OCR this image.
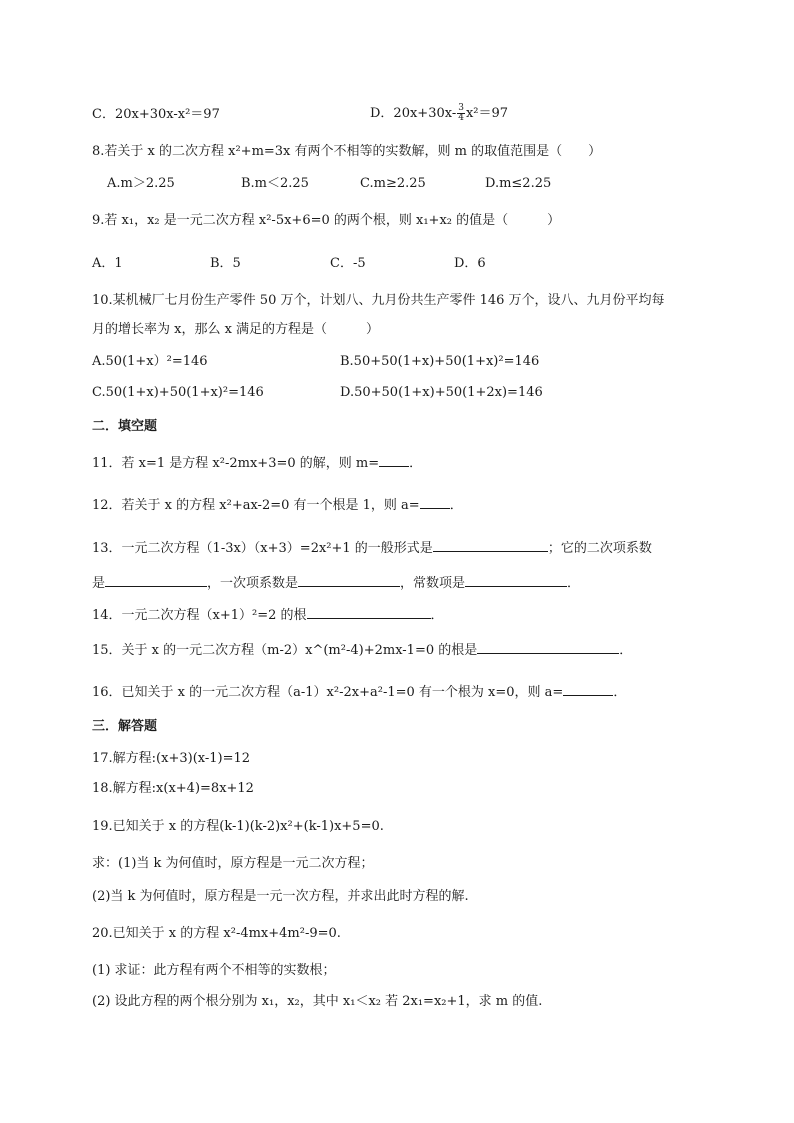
C．20x+30x-x²＝97	D．$20x+30x- \frac{3}{4} x^2=97$
8.若关于 x 的二次方程 x²+m=3x 有两个不相等的实数解，则 m 的取值范围是（　　）
A.m＞2.25	B.m＜2.25	C.m≥2.25	D.m≤2.25
9.若 x₁，x₂ 是一元二次方程 x²-5x+6=0 的两个根，则 x₁+x₂ 的值是（　　　）
A．1	B．5	C．-5	D．6
10.某机械厂七月份生产零件 50 万个，计划八、九月份共生产零件 146 万个，设八、九月份平均每
月的增长率为 x，那么 x 满足的方程是（　　　）
A.50(1+x）²=146	B.50+50(1+x)+50(1+x)²=146
C.50(1+x)+50(1+x)²=146	D.50+50(1+x)+50(1+2x)=146
二．填空题
11．若 x=1 是方程 x²-2mx+3=0 的解，则 m= ．
12．若关于 x 的方程 x²+ax-2=0 有一个根是 1，则 a= ．
13．一元二次方程（1-3x）（x+3）=2x²+1 的一般形式是	；它的二次项系数
是	，一次项系数是	，常数项是	．
14．一元二次方程（x+1）²=2 的根	．
15．关于 x 的一元二次方程（m-2）x^(m²-4)+2mx-1=0 的根是	．
16．已知关于 x 的一元二次方程（a-1）x²-2x+a²-1=0 有一个根为 x=0，则 a=	．
三．解答题
17.解方程:(x+3)(x-1)=12
18.解方程:x(x+4)=8x+12
19.已知关于 x 的方程(k-1)(k-2)x²+(k-1)x+5=0.
求：(1)当 k 为何值时，原方程是一元二次方程；
(2)当 k 为何值时，原方程是一元一次方程，并求出此时方程的解.
20.已知关于 x 的方程 x²-4mx+4m²-9=0.
(1) 求证：此方程有两个不相等的实数根；
(2) 设此方程的两个根分别为 x₁，x₂，其中 x₁＜x₂ 若 2x₁=x₂+1，求 m 的值.
